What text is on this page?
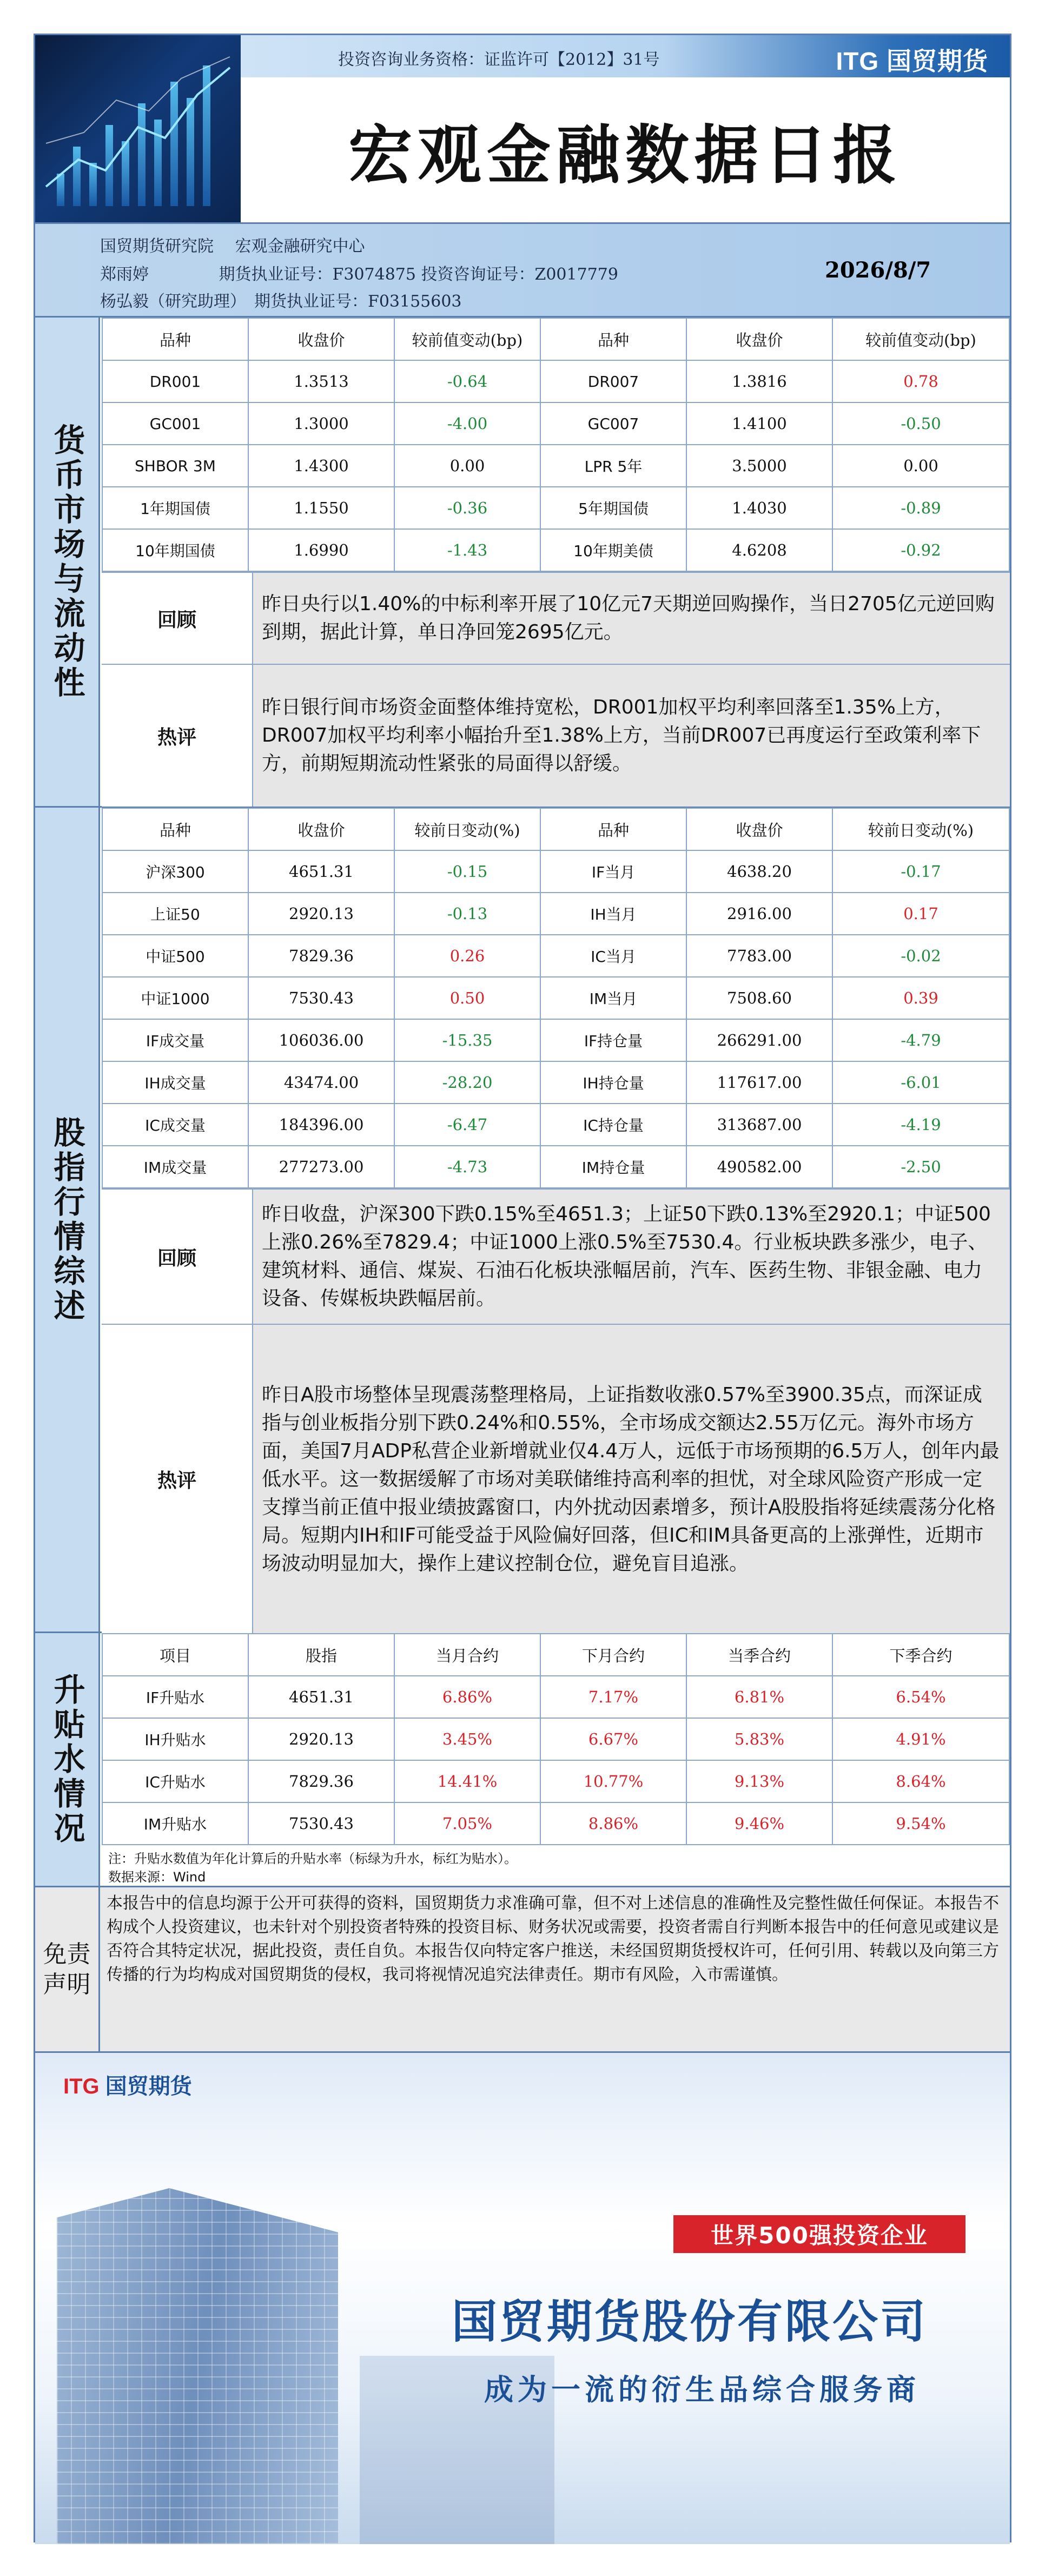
投资咨询业务资格：证监许可【2012】31号	ITG 国贸期货
宏观金融数据日报
国贸期货研究院　 宏观金融研究中心
郑雨婷　　　　 期货执业证号：F3074875 投资咨询证号：Z0017779
杨弘毅（研究助理）　期货执业证号：F03155603
2026/8/7
货币市场与流动性
品种	收盘价	较前值变动(bp)	品种	收盘价	较前值变动(bp)
DR001	1.3513	-0.64	DR007	1.3816	0.78
GC001	1.3000	-4.00	GC007	1.4100	-0.50
SHBOR 3M	1.4300	0.00	LPR 5年	3.5000	0.00
1年期国债	1.1550	-0.36	5年期国债	1.4030	-0.89
10年期国债	1.6990	-1.43	10年期美债	4.6208	-0.92
回顾
昨日央行以1.40%的中标利率开展了10亿元7天期逆回购操作，当日2705亿元逆回购到期，据此计算，单日净回笼2695亿元。
热评
昨日银行间市场资金面整体维持宽松，DR001加权平均利率回落至1.35%上方，DR007加权平均利率小幅抬升至1.38%上方，当前DR007已再度运行至政策利率下方，前期短期流动性紧张的局面得以舒缓。
股指行情综述
品种	收盘价	较前日变动(%)	品种	收盘价	较前日变动(%)
沪深300	4651.31	-0.15	IF当月	4638.20	-0.17
上证50	2920.13	-0.13	IH当月	2916.00	0.17
中证500	7829.36	0.26	IC当月	7783.00	-0.02
中证1000	7530.43	0.50	IM当月	7508.60	0.39
IF成交量	106036.00	-15.35	IF持仓量	266291.00	-4.79
IH成交量	43474.00	-28.20	IH持仓量	117617.00	-6.01
IC成交量	184396.00	-6.47	IC持仓量	313687.00	-4.19
IM成交量	277273.00	-4.73	IM持仓量	490582.00	-2.50
回顾
昨日收盘，沪深300下跌0.15%至4651.3；上证50下跌0.13%至2920.1；中证500上涨0.26%至7829.4；中证1000上涨0.5%至7530.4。行业板块跌多涨少，电子、建筑材料、通信、煤炭、石油石化板块涨幅居前，汽车、医药生物、非银金融、电力设备、传媒板块跌幅居前。
热评
昨日A股市场整体呈现震荡整理格局，上证指数收涨0.57%至3900.35点，而深证成指与创业板指分别下跌0.24%和0.55%，全市场成交额达2.55万亿元。海外市场方面，美国7月ADP私营企业新增就业仅4.4万人，远低于市场预期的6.5万人，创年内最低水平。这一数据缓解了市场对美联储维持高利率的担忧，对全球风险资产形成一定支撑当前正值中报业绩披露窗口，内外扰动因素增多，预计A股股指将延续震荡分化格局。短期内IH和IF可能受益于风险偏好回落，但IC和IM具备更高的上涨弹性，近期市场波动明显加大，操作上建议控制仓位，避免盲目追涨。
升贴水情况
项目	股指	当月合约	下月合约	当季合约	下季合约
IF升贴水	4651.31	6.86%	7.17%	6.81%	6.54%
IH升贴水	2920.13	3.45%	6.67%	5.83%	4.91%
IC升贴水	7829.36	14.41%	10.77%	9.13%	8.64%
IM升贴水	7530.43	7.05%	8.86%	9.46%	9.54%
注：升贴水数值为年化计算后的升贴水率（标绿为升水，标红为贴水）。
数据来源：Wind
免责
声明
本报告中的信息均源于公开可获得的资料，国贸期货力求准确可靠，但不对上述信息的准确性及完整性做任何保证。本报告不构成个人投资建议，也未针对个别投资者特殊的投资目标、财务状况或需要，投资者需自行判断本报告中的任何意见或建议是否符合其特定状况，据此投资，责任自负。本报告仅向特定客户推送，未经国贸期货授权许可，任何引用、转载以及向第三方传播的行为均构成对国贸期货的侵权，我司将视情况追究法律责任。期市有风险，入市需谨慎。
ITG 国贸期货
世界500强投资企业
国贸期货股份有限公司
成为一流的衍生品综合服务商
